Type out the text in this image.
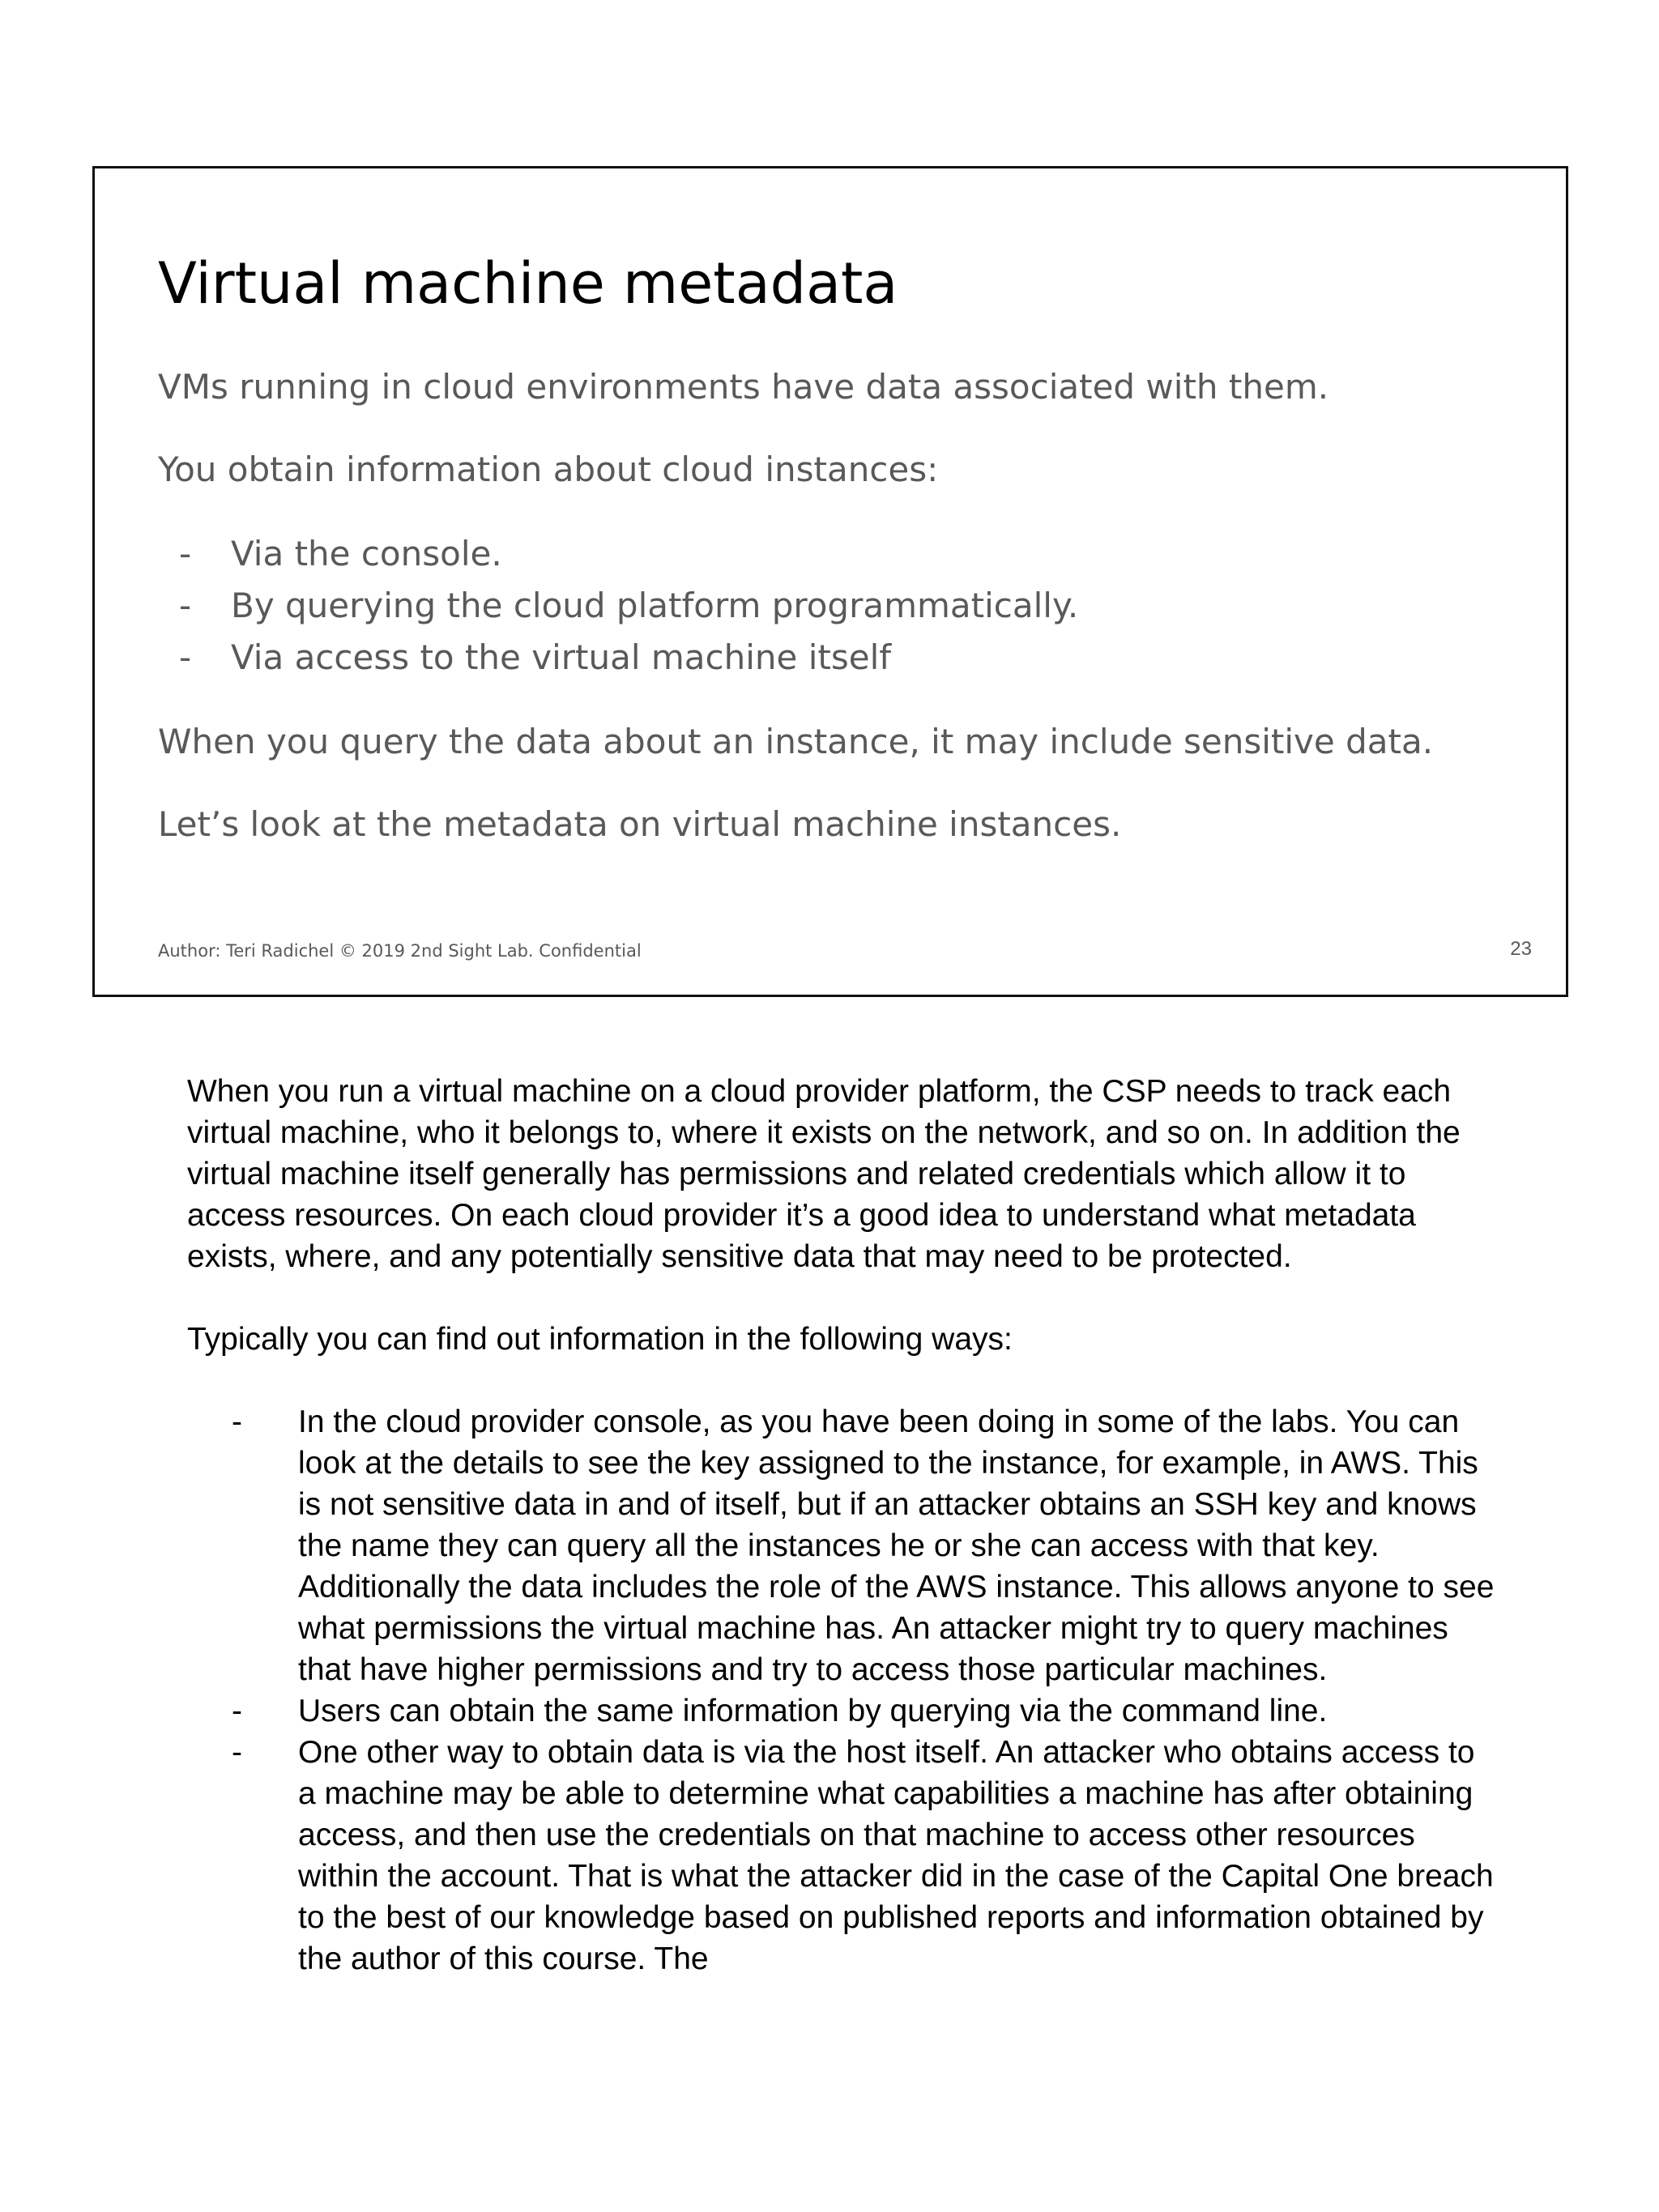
Virtual machine metadata

VMs running in cloud environments have data associated with them.

You obtain information about cloud instances:

- Via the console.
- By querying the cloud platform programmatically.
- Via access to the virtual machine itself

When you query the data about an instance, it may include sensitive data.

Let’s look at the metadata on virtual machine instances.

Author: Teri Radichel © 2019 2nd Sight Lab. Confidential	23

When you run a virtual machine on a cloud provider platform, the CSP needs to track each virtual machine, who it belongs to, where it exists on the network, and so on. In addition the virtual machine itself generally has permissions and related credentials which allow it to access resources. On each cloud provider it’s a good idea to understand what metadata exists, where, and any potentially sensitive data that may need to be protected.

Typically you can find out information in the following ways:

- In the cloud provider console, as you have been doing in some of the labs. You can look at the details to see the key assigned to the instance, for example, in AWS. This is not sensitive data in and of itself, but if an attacker obtains an SSH key and knows the name they can query all the instances he or she can access with that key. Additionally the data includes the role of the AWS instance. This allows anyone to see what permissions the virtual machine has. An attacker might try to query machines that have higher permissions and try to access those particular machines.
- Users can obtain the same information by querying via the command line.
- One other way to obtain data is via the host itself. An attacker who obtains access to a machine may be able to determine what capabilities a machine has after obtaining access, and then use the credentials on that machine to access other resources within the account. That is what the attacker did in the case of the Capital One breach to the best of our knowledge based on published reports and information obtained by the author of this course. The
